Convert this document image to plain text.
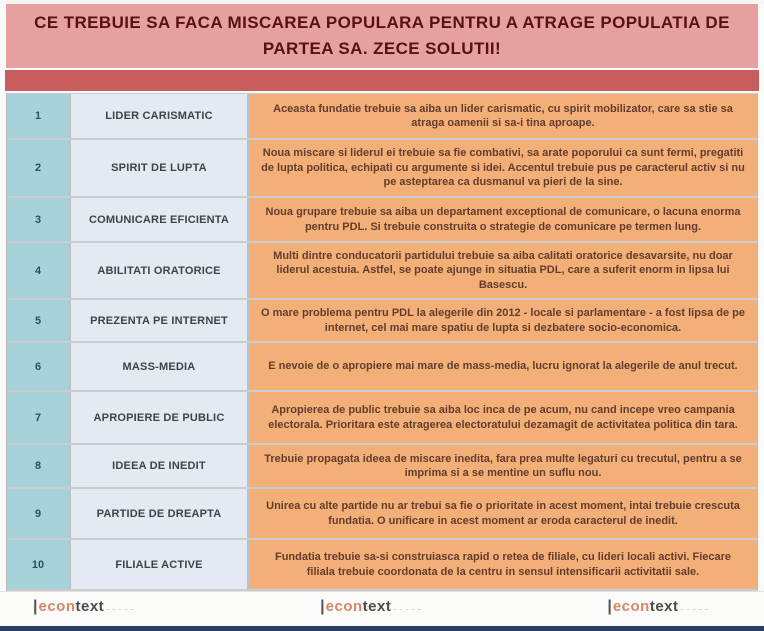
CE TREBUIE SA FACA MISCAREA POPULARA PENTRU A ATRAGE POPULATIA DE PARTEA SA. ZECE SOLUTII!
1	LIDER CARISMATIC
Aceasta fundatie trebuie sa aiba un lider carismatic, cu spirit mobilizator, care sa stie sa atraga oamenii si sa-i tina aproape.
2	SPIRIT DE LUPTA
Noua miscare si liderul ei trebuie sa fie combativi, sa arate poporului ca sunt fermi, pregatiti de lupta politica, echipati cu argumente si idei. Accentul trebuie pus pe caracterul activ si nu pe asteptarea ca dusmanul va pieri de la sine.
3	COMUNICARE EFICIENTA
Noua grupare trebuie sa aiba un departament exceptional de comunicare, o lacuna enorma pentru PDL. Si trebuie construita o strategie de comunicare pe termen lung.
4	ABILITATI ORATORICE
Multi dintre conducatorii partidului trebuie sa aiba calitati oratorice desavarsite, nu doar liderul acestuia. Astfel, se poate ajunge in situatia PDL, care a suferit enorm in lipsa lui Basescu.
5	PREZENTA PE INTERNET
O mare problema pentru PDL la alegerile din 2012 - locale si parlamentare - a fost lipsa de pe internet, cel mai mare spatiu de lupta si dezbatere socio-economica.
6	MASS-MEDIA	E nevoie de o apropiere mai mare de mass-media, lucru ignorat la alegerile de anul trecut.
7	APROPIERE DE PUBLIC
Apropierea de public trebuie sa aiba loc inca de pe acum, nu cand incepe vreo campania electorala. Prioritara este atragerea electoratului dezamagit de activitatea politica din tara.
8	IDEEA DE INEDIT
Trebuie propagata ideea de miscare inedita, fara prea multe legaturi cu trecutul, pentru a se imprima si a se mentine un suflu nou.
9	PARTIDE DE DREAPTA
Unirea cu alte partide nu ar trebui sa fie o prioritate in acest moment, intai trebuie crescuta fundatia. O unificare in acest moment ar eroda caracterul de inedit.
10	FILIALE ACTIVE
Fundatia trebuie sa-si construiasca rapid o retea de filiale, cu lideri locali activi. Fiecare filiala trebuie coordonata de la centru in sensul intensificarii activitatii sale.
| econ text – – – – –	| econ text – – – – –	| econ text – – – – –
